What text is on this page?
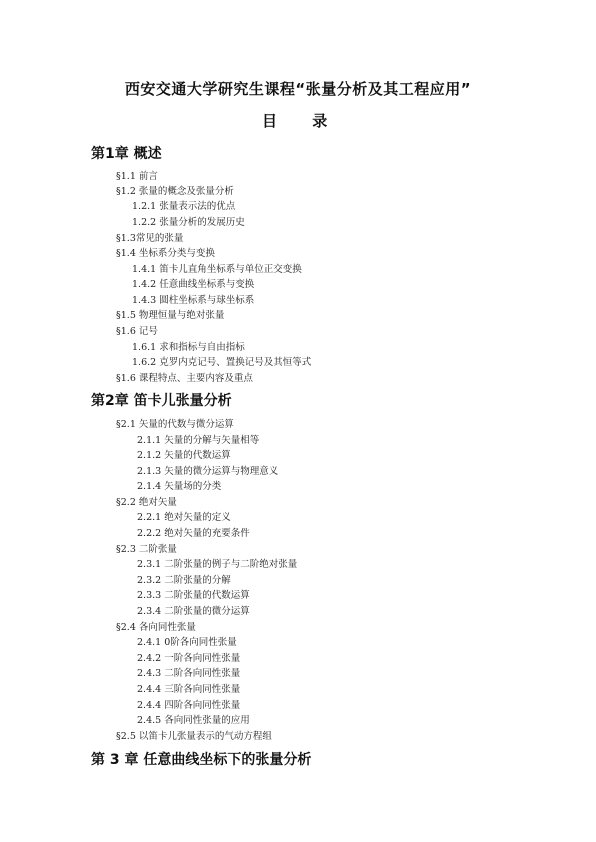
西安交通大学研究生课程“张量分析及其工程应用”
目 录
第1章 概述
§1.1 前言
§1.2 张量的概念及张量分析
1.2.1 张量表示法的优点
1.2.2 张量分析的发展历史
§1.3常见的张量
§1.4 坐标系分类与变换
1.4.1 笛卡儿直角坐标系与单位正交变换
1.4.2 任意曲线坐标系与变换
1.4.3 圆柱坐标系与球坐标系
§1.5 物理恒量与绝对张量
§1.6 记号
1.6.1 求和指标与自由指标
1.6.2 克罗内克记号、置换记号及其恒等式
§1.6 课程特点、主要内容及重点
第2章 笛卡儿张量分析
§2.1 矢量的代数与微分运算
2.1.1 矢量的分解与矢量相等
2.1.2 矢量的代数运算
2.1.3 矢量的微分运算与物理意义
2.1.4 矢量场的分类
§2.2 绝对矢量
2.2.1 绝对矢量的定义
2.2.2 绝对矢量的充要条件
§2.3 二阶张量
2.3.1 二阶张量的例子与二阶绝对张量
2.3.2 二阶张量的分解
2.3.3 二阶张量的代数运算
2.3.4 二阶张量的微分运算
§2.4 各向同性张量
2.4.1 0阶各向同性张量
2.4.2 一阶各向同性张量
2.4.3 二阶各向同性张量
2.4.4 三阶各向同性张量
2.4.4 四阶各向同性张量
2.4.5 各向同性张量的应用
§2.5 以笛卡儿张量表示的气动方程组
第 3 章 任意曲线坐标下的张量分析
